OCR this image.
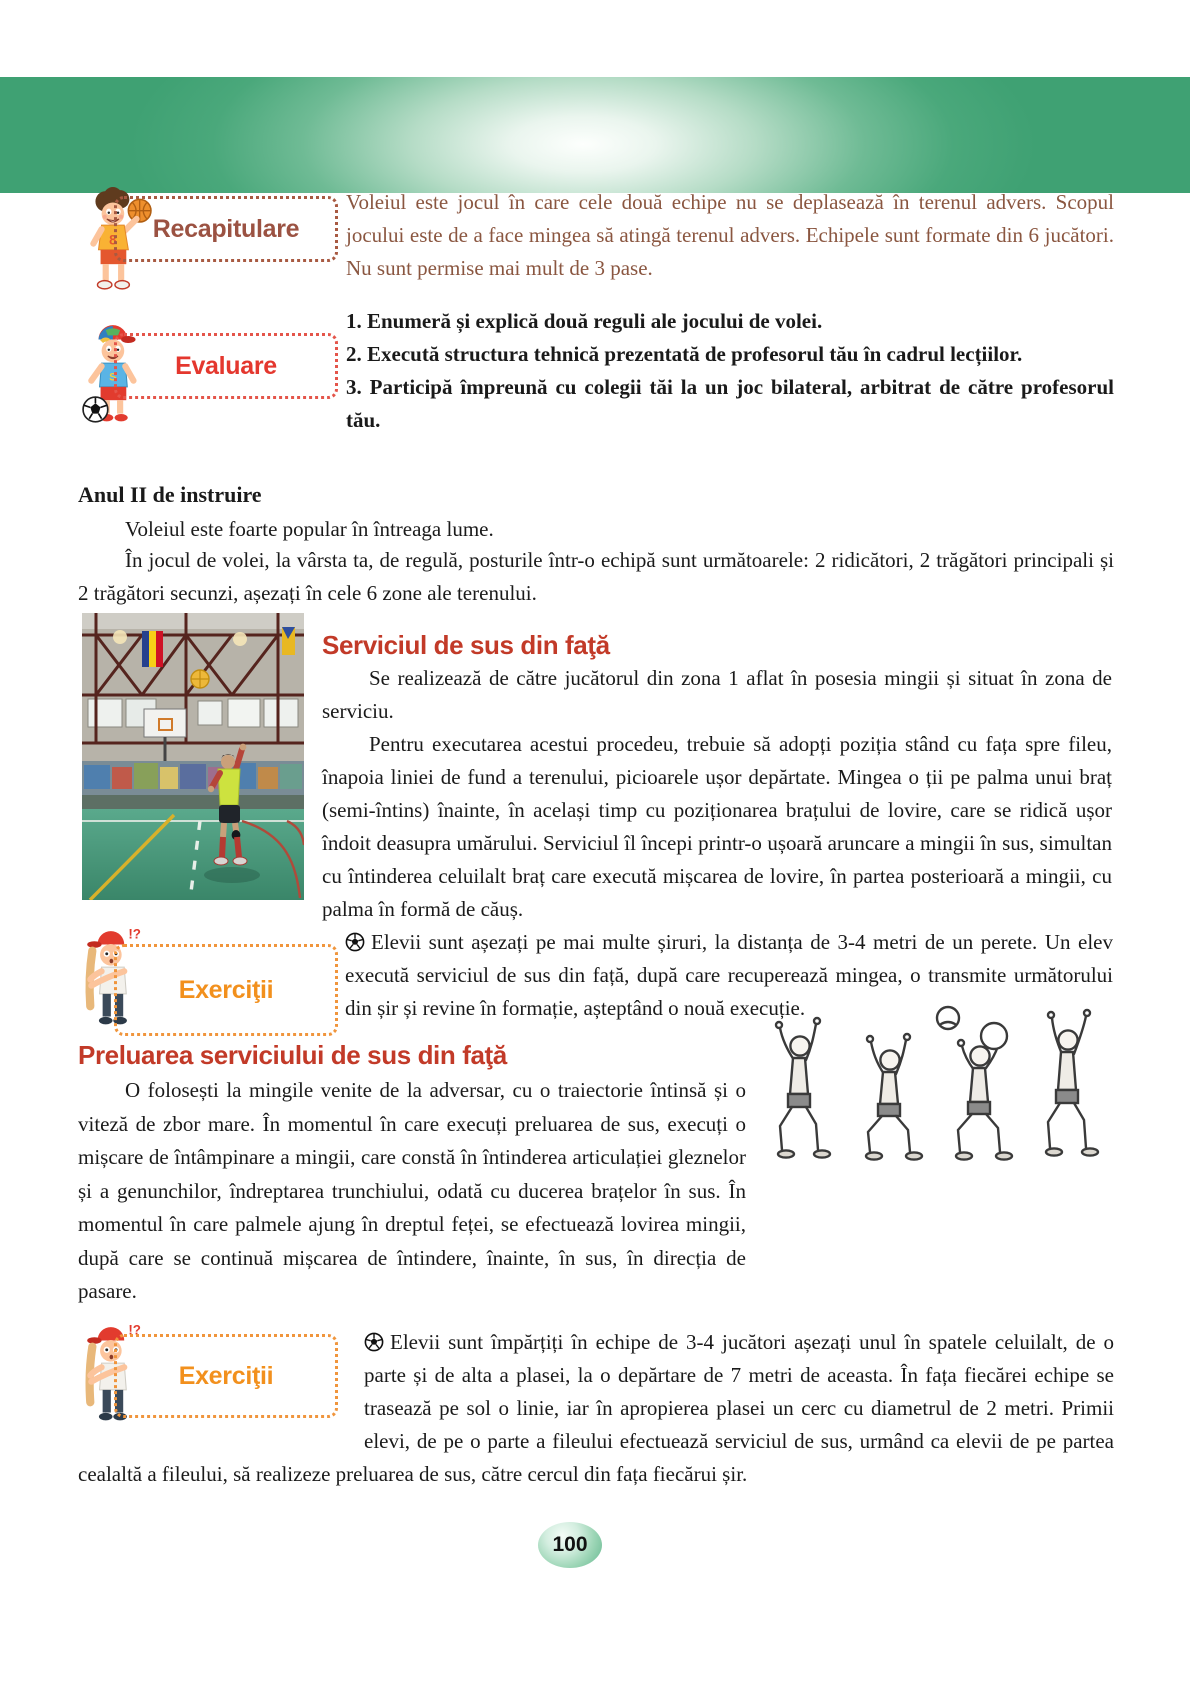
Recapitulare

Voleiul este jocul în care cele două echipe nu se deplasează în terenul advers. Scopul jocului este de a face mingea să atingă terenul advers. Echipele sunt formate din 6 jucători. Nu sunt permise mai mult de 3 pase.

Evaluare

1. Enumeră și explică două reguli ale jocului de volei.

2. Execută structura tehnică prezentată de profesorul tău în cadrul lecțiilor.

3. Participă împreună cu colegii tăi la un joc bilateral, arbitrat de către profesorul tău.

Anul II de instruire

Voleiul este foarte popular în întreaga lume.

În jocul de volei, la vârsta ta, de regulă, posturile într-o echipă sunt următoarele: 2 ridicători, 2 trăgători principali și 2 trăgători secunzi, așezați în cele 6 zone ale terenului.

Serviciul de sus din faţă

Se realizează de către jucătorul din zona 1 aflat în posesia mingii și situat în zona de serviciu.

Pentru executarea acestui procedeu, trebuie să adopți poziția stând cu fața spre fileu, înapoia liniei de fund a terenului, picioarele ușor depărtate. Mingea o ții pe palma unui braț (semi-întins) înainte, în același timp cu poziționarea brațului de lovire, care se ridică ușor îndoit deasupra umărului. Serviciul îl începi printr-o ușoară aruncare a mingii în sus, simultan cu întinderea celuilalt braț care execută mișcarea de lovire, în partea posterioară a mingii, cu palma în formă de căuș.

Elevii sunt așezați pe mai multe șiruri, la distanța de 3-4 metri de un perete. Un elev execută serviciul de sus din față, după care recuperează mingea, o transmite următorului din șir și revine în formație, așteptând o nouă execuție.

Exerciţii
Preluarea serviciului de sus din faţă

O folosești la mingile venite de la adversar, cu o traiectorie întinsă și o viteză de zbor mare. În momentul în care execuți preluarea de sus, execuți o mișcare de întâmpinare a mingii, care constă în întinderea articulației gleznelor și a genunchilor, îndreptarea trunchiului, odată cu ducerea brațelor în sus. În momentul în care palmele ajung în dreptul feței, se efectuează lovirea mingii, după care se continuă mișcarea de întindere, înainte, în sus, în direcția de pasare.

Exerciţii

Elevii sunt împărțiți în echipe de 3-4 jucători așezați unul în spatele celuilalt, de o parte și de alta a plasei, la o depărtare de 7 metri de aceasta. În fața fiecărei echipe se trasează pe sol o linie, iar în apropierea plasei un cerc cu diametrul de 2 metri. Primii elevi, de pe o parte a fileului efectuează serviciul de sus, urmând ca elevii de pe partea cealaltă a fileului, să realizeze preluarea de sus, către cercul din fața fiecărui șir.

100
